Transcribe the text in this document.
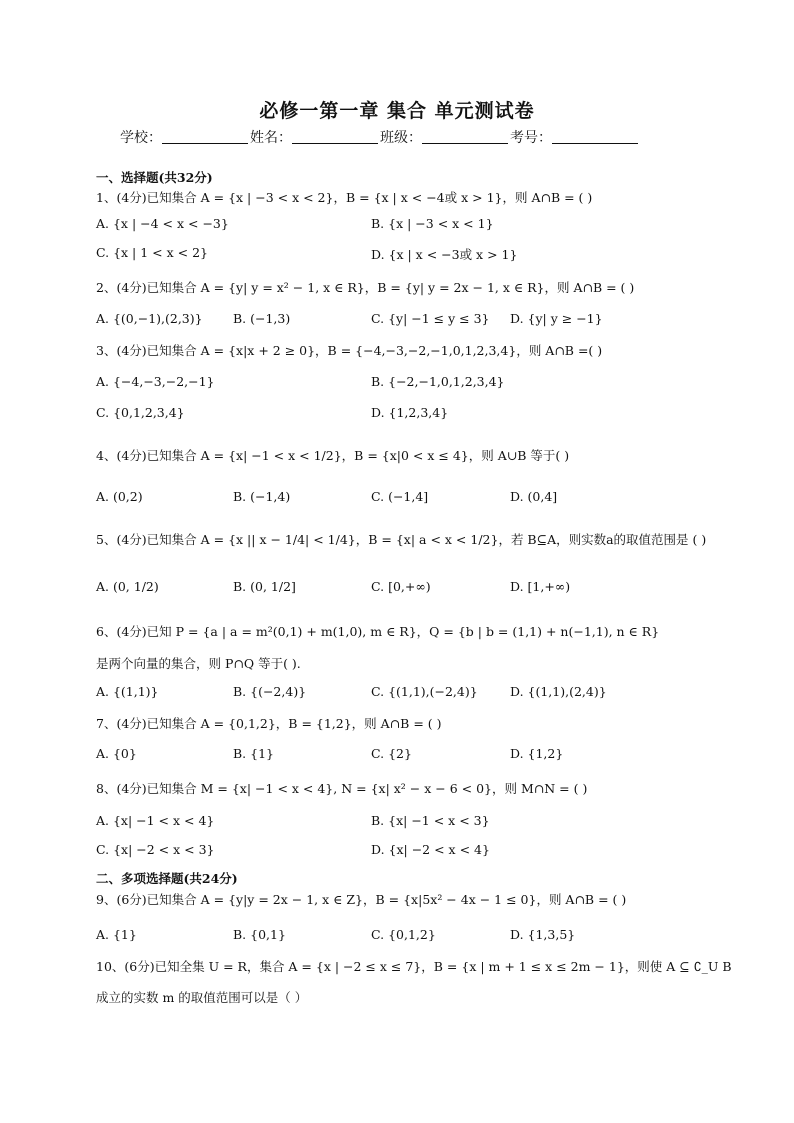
必修一第一章 集合 单元测试卷
学校：	姓名：	班级：	考号：
一、选择题(共32分)
1、(4分)已知集合 A = {x | −3 < x < 2}，B = {x | x < −4或 x > 1}，则 A∩B = ( )
A. {x | −4 < x < −3}	B. {x | −3 < x < 1}
C. {x | 1 < x < 2}	D. {x | x < −3或 x > 1}
2、(4分)已知集合 A = {y| y = x² − 1, x ∈ R}，B = {y| y = 2x − 1, x ∈ R}，则 A∩B = ( )
A. {(0,−1),(2,3)} B. (−1,3)	C. {y| −1 ≤ y ≤ 3} D. {y| y ≥ −1}
3、(4分)已知集合 A = {x|x + 2 ≥ 0}，B = {−4,−3,−2,−1,0,1,2,3,4}，则 A∩B =( )
A. {−4,−3,−2,−1}	B. {−2,−1,0,1,2,3,4}
C. {0,1,2,3,4}	D. {1,2,3,4}
4、(4分)已知集合 A = {x| −1 < x < 1/2}，B = {x|0 < x ≤ 4}，则 A∪B 等于( )
A. (0,2)	B. (−1,4)	C. (−1,4]	D. (0,4]
5、(4分)已知集合 A = {x || x − 1/4| < 1/4}，B = {x| a < x < 1/2}，若 B⊆A，则实数a的取值范围是 ( )
A. (0, 1/2)	B. (0, 1/2]	C. [0,+∞)	D. [1,+∞)
6、(4分)已知 P = {a | a = m²(0,1) + m(1,0), m ∈ R}，Q = {b | b = (1,1) + n(−1,1), n ∈ R}
是两个向量的集合，则 P∩Q 等于( ).
A. {(1,1)}	B. {(−2,4)}	C. {(1,1),(−2,4)}	D. {(1,1),(2,4)}
7、(4分)已知集合 A = {0,1,2}，B = {1,2}，则 A∩B = ( )
A. {0}	B. {1}	C. {2}	D. {1,2}
8、(4分)已知集合 M = {x| −1 < x < 4}, N = {x| x² − x − 6 < 0}，则 M∩N = ( )
A. {x| −1 < x < 4}	B. {x| −1 < x < 3}
C. {x| −2 < x < 3}	D. {x| −2 < x < 4}
二、多项选择题(共24分)
9、(6分)已知集合 A = {y|y = 2x − 1, x ∈ Z}，B = {x|5x² − 4x − 1 ≤ 0}，则 A∩B = ( )
A. {1}	B. {0,1}	C. {0,1,2}	D. {1,3,5}
10、(6分)已知全集 U = R，集合 A = {x | −2 ≤ x ≤ 7}，B = {x | m + 1 ≤ x ≤ 2m − 1}，则使 A ⊆ ∁_U B
成立的实数 m 的取值范围可以是（ ）
